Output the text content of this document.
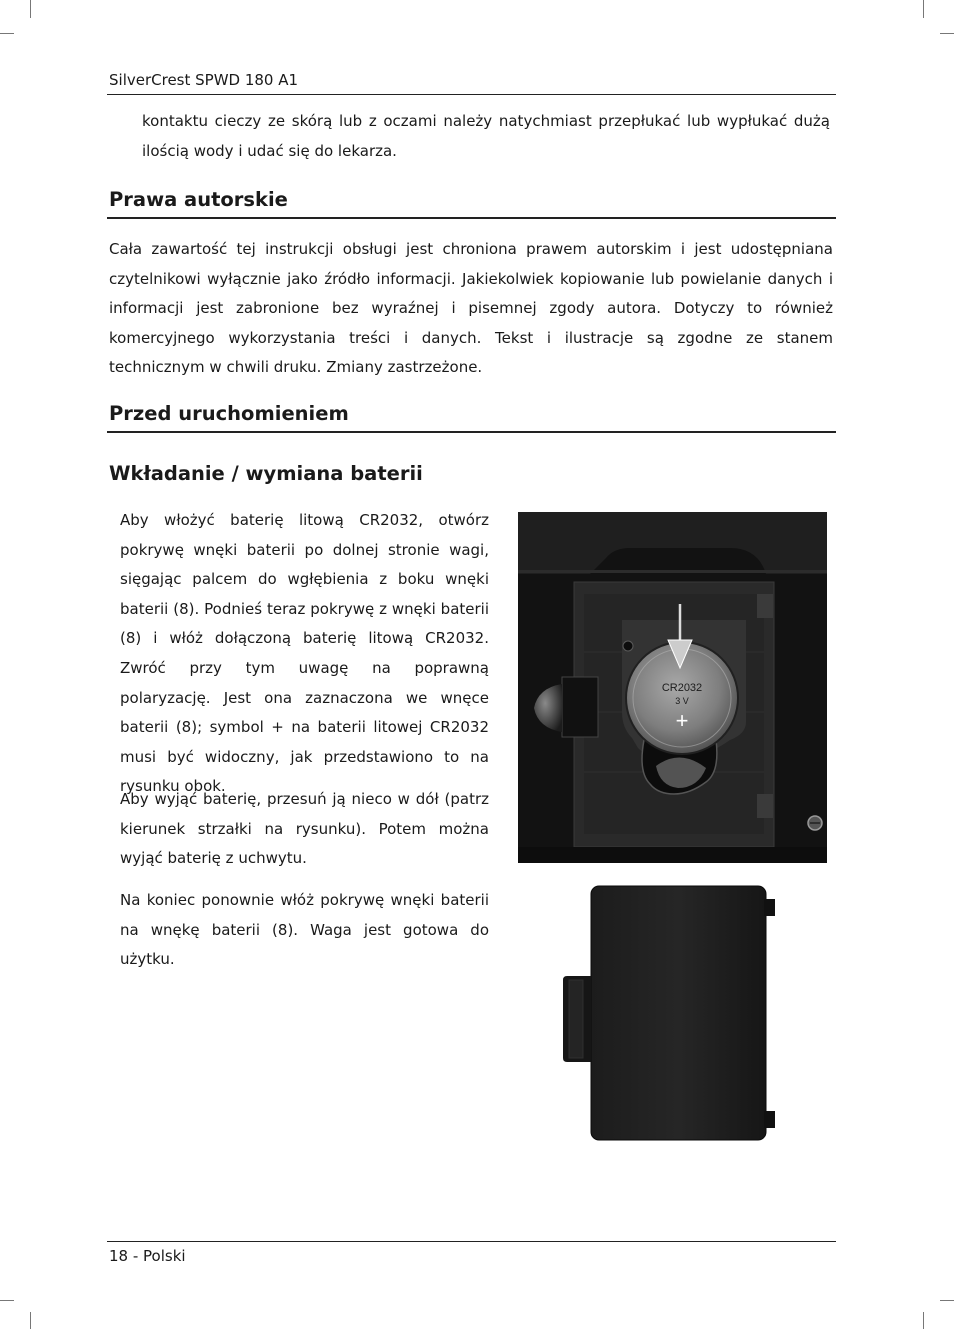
SilverCrest SPWD 180 A1

kontaktu cieczy ze skórą lub z oczami należy natychmiast przepłukać lub wypłukać dużą ilością wody i udać się do lekarza.

Prawa autorskie

Cała zawartość tej instrukcji obsługi jest chroniona prawem autorskim i jest udostępniana czytelnikowi wyłącznie jako źródło informacji. Jakiekolwiek kopiowanie lub powielanie danych i informacji jest zabronione bez wyraźnej i pisemnej zgody autora. Dotyczy to również komercyjnego wykorzystania treści i danych. Tekst i ilustracje są zgodne ze stanem technicznym w chwili druku. Zmiany zastrzeżone.

Przed uruchomieniem
Wkładanie / wymiana baterii

Aby włożyć baterię litową CR2032, otwórz pokrywę wnęki baterii po dolnej stronie wagi, sięgając palcem do wgłębienia z boku wnęki baterii (8). Podnieś teraz pokrywę z wnęki baterii (8) i włóż dołączoną baterię litową CR2032. Zwróć przy tym uwagę na poprawną polaryzację. Jest ona zaznaczona we wnęce baterii (8); symbol + na baterii litowej CR2032 musi być widoczny, jak przedstawiono to na rysunku obok.

Aby wyjąć baterię, przesuń ją nieco w dół (patrz kierunek strzałki na rysunku). Potem można wyjąć baterię z uchwytu.

Na koniec ponownie włóż pokrywę wnęki baterii na wnękę baterii (8). Waga jest gotowa do użytku.

CR2032
3 V
+
18 - Polski
